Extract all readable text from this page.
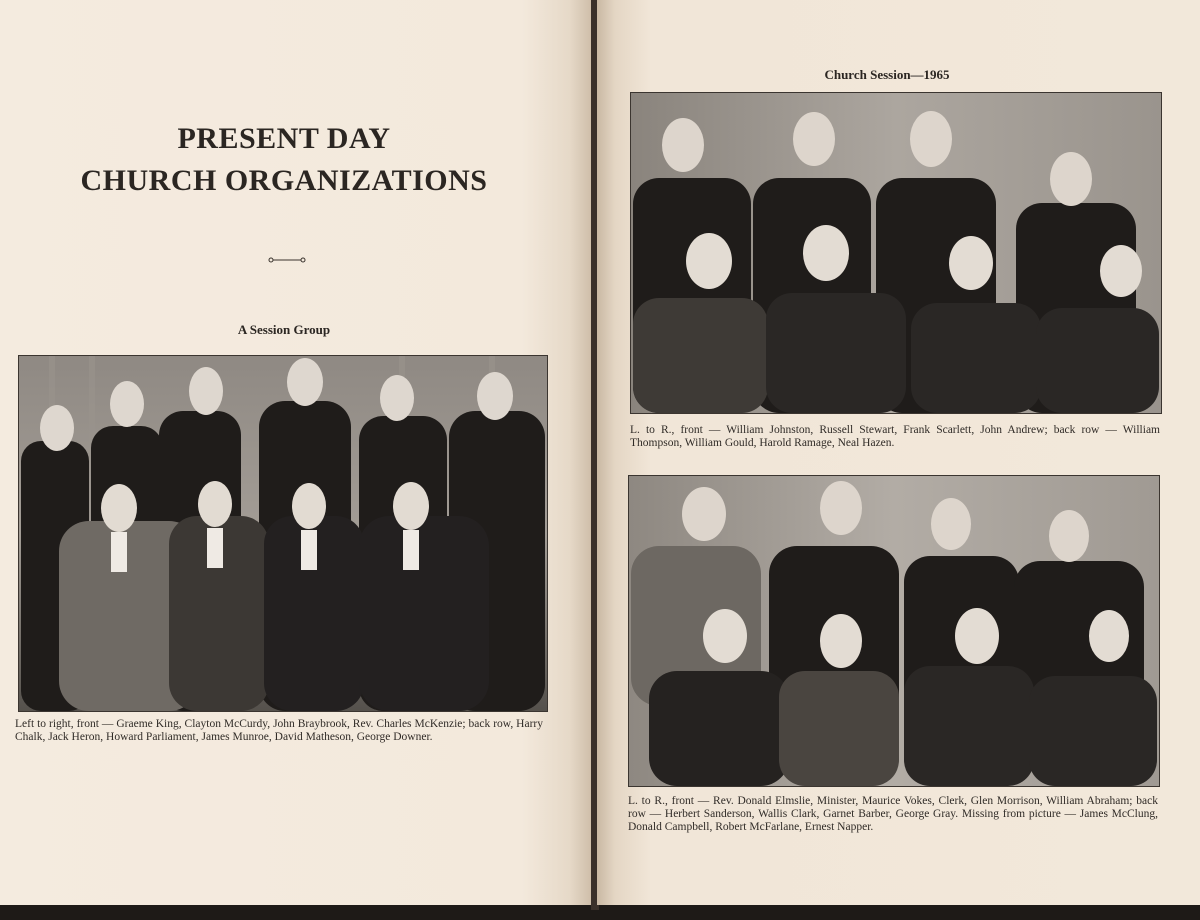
PRESENT DAY
CHURCH ORGANIZATIONS
A Session Group
Left to right, front — Graeme King, Clayton McCurdy, John Braybrook, Rev. Charles McKenzie; back row, Harry Chalk, Jack Heron, Howard Parliament, James Munroe, David Matheson, George Downer.
Church Session—1965
L. to R., front — William Johnston, Russell Stewart, Frank Scarlett, John Andrew; back row — William Thompson, William Gould, Harold Ramage, Neal Hazen.
L. to R., front — Rev. Donald Elmslie, Minister, Maurice Vokes, Clerk, Glen Morrison, William Abraham; back row — Herbert Sanderson, Wallis Clark, Garnet Barber, George Gray. Missing from picture — James McClung, Donald Campbell, Robert McFarlane, Ernest Napper.
